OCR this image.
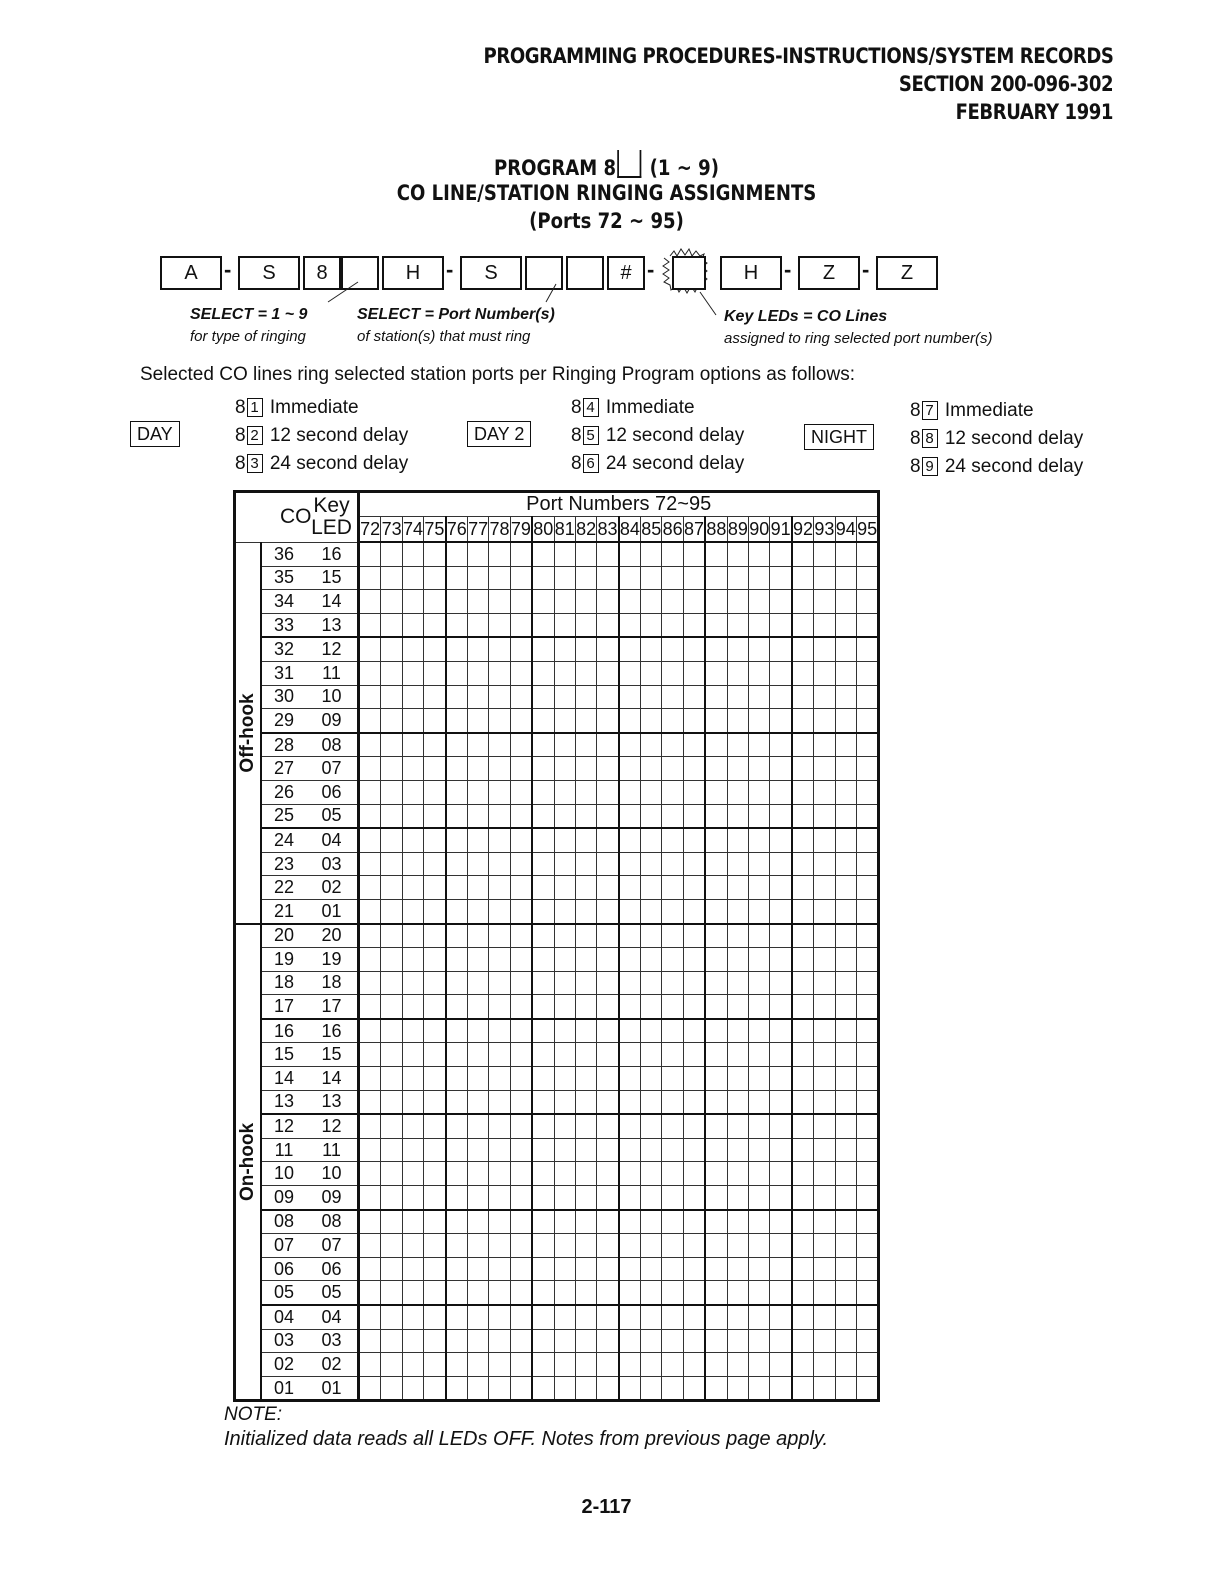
PROGRAMMING PROCEDURES-INSTRUCTIONS/SYSTEM RECORDS
SECTION 200-096-302
FEBRUARY 1991
PROGRAM 8 (1 ~ 9)
CO LINE/STATION RINGING ASSIGNMENTS
(Ports 72 ~ 95)
A	-	S	8	H	-	S	# -	H	-	Z	-	Z
SELECT = 1 ~ 9
for type of ringing
SELECT = Port Number(s)
of station(s) that must ring
Key LEDs = CO Lines
assigned to ring selected port number(s)
Selected CO lines ring selected station ports per Ringing Program options as follows:
DAY
8 1 Immediate
8 2 12 second delay
8 3 24 second delay
DAY 2
8 4 Immediate
8 5 12 second delay
8 6 24 second delay
NIGHT
8 7 Immediate
8 8 12 second delay
8 9 24 second delay
CO		Key
LED	Port Numbers 72~95																							
			72	73	74	75	76	77	78	79	80	81	82	83	84	85	86	87	88	89	90	91	92	93	94	95

Off-hook	36	16																								
	35	15																								
	34	14																								
	33	13																								
	32	12																								
	31	11																								
	30	10																								
	29	09																								
	28	08																								
	27	07																								
	26	06																								
	25	05																								
	24	04																								
	23	03																								
	22	02																								
	21	01																								

On-hook	20	20																								
	19	19																								
	18	18																								
	17	17																								
	16	16																								
	15	15																								
	14	14																								
	13	13																								
	12	12																								
	11	11																								
	10	10																								
	09	09																								
	08	08																								
	07	07																								
	06	06																								
	05	05																								
	04	04																								
	03	03																								
	02	02																								
	01	01																								
NOTE:
Initialized data reads all LEDs OFF. Notes from previous page apply.
2-117
